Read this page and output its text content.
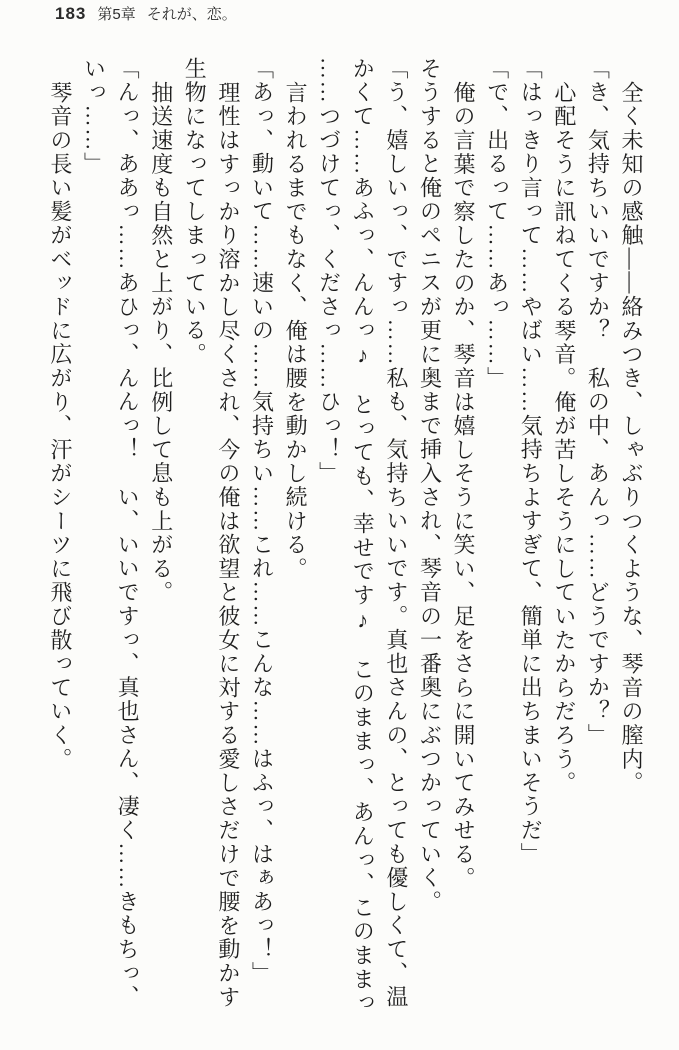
183 第5章 それが、恋。
全く未知の感触――絡みつき、しゃぶりつくような、琴音の膣内。
「き、気持ちいいですか？　私の中、あんっ……どうですか？」
心配そうに訊ねてくる琴音。俺が苦しそうにしていたからだろう。
「はっきり言って……やばい……気持ちよすぎて、簡単に出ちまいそうだ」
「で、出るって……あっ……」
俺の言葉で察したのか、琴音は嬉しそうに笑い、足をさらに開いてみせる。
そうすると俺のペニスが更に奥まで挿入され、琴音の一番奥にぶつかっていく。
「う、嬉しいっ、ですっ……私も、気持ちいいです。真也さんの、とっても優しくて、温
かくて……あふっ、んんっ♪　とっても、幸せです♪　このままっ、あんっ、このままっ
……つづけてっ、くださっ……ひっ！」
言われるまでもなく、俺は腰を動かし続ける。
「あっ、動いて……速いの……気持ちい……これ……こんな……はふっ、はぁあっ！」
理性はすっかり溶かし尽くされ、今の俺は欲望と彼女に対する愛しさだけで腰を動かす
生物になってしまっている。
抽送速度も自然と上がり、比例して息も上がる。
「んっ、ああっ……あひっ、んんっ！　い、いいですっ、真也さん、凄く……きもちっ、
いっ……」
琴音の長い髪がベッドに広がり、汗がシーツに飛び散っていく。
